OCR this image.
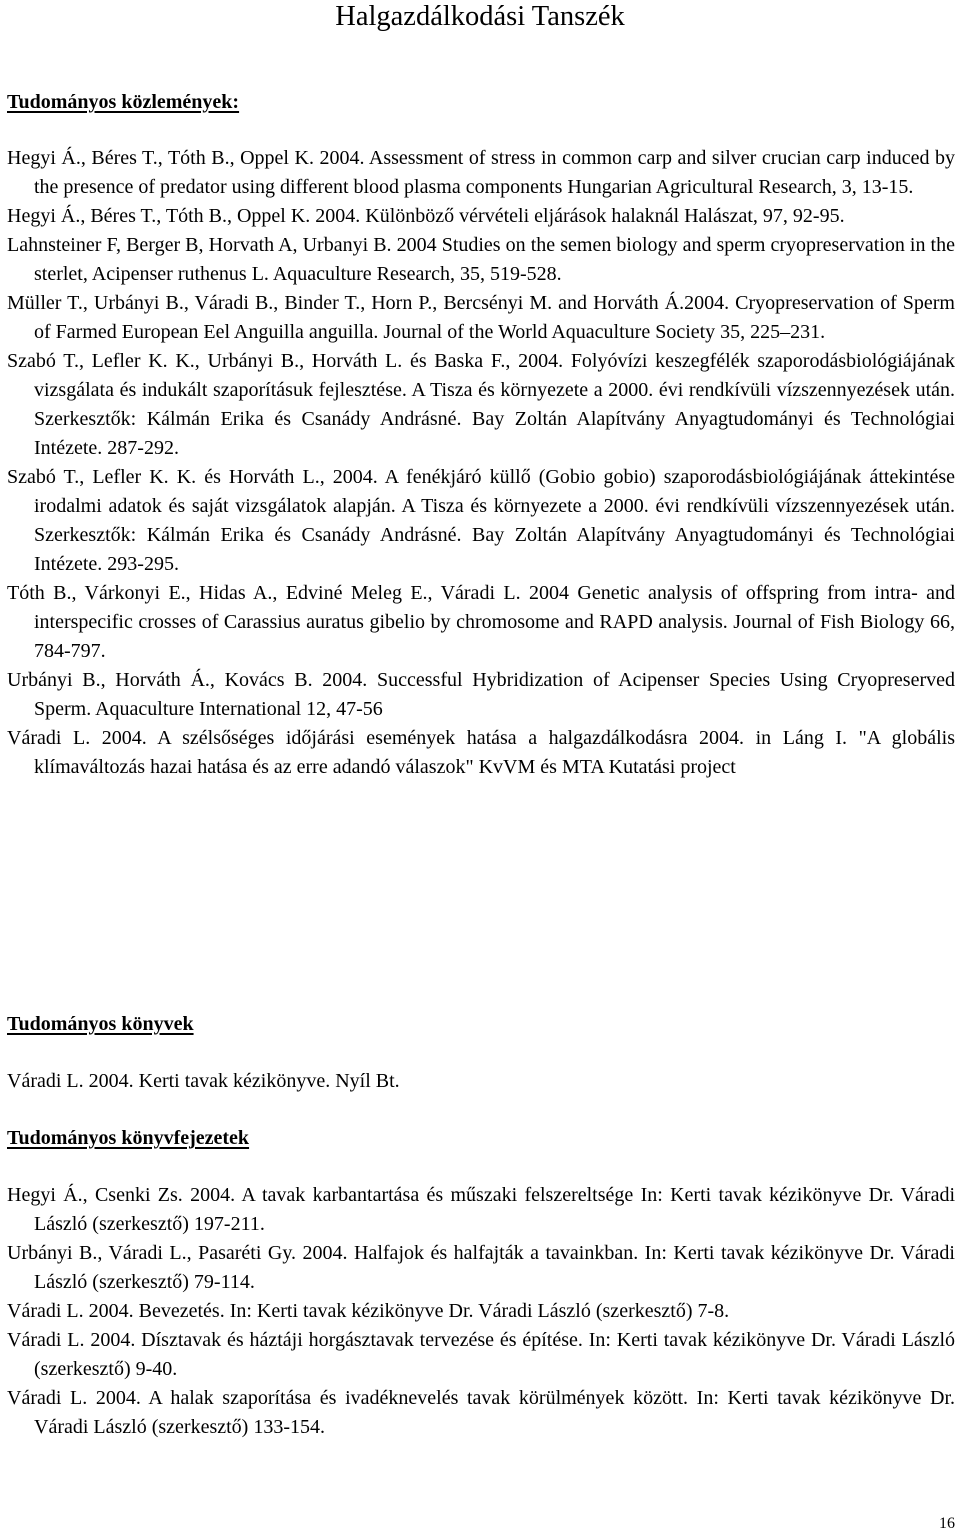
Halgazdálkodási Tanszék
Tudományos közlemények:

Hegyi Á., Béres T., Tóth B., Oppel K. 2004. Assessment of stress in common carp and silver crucian carp induced by the presence of predator using different blood plasma components Hungarian Agricultural Research, 3, 13-15.

Hegyi Á., Béres T., Tóth B., Oppel K. 2004. Különböző vérvételi eljárások halaknál Halászat, 97, 92-95.

Lahnsteiner F, Berger B, Horvath A, Urbanyi B. 2004 Studies on the semen biology and sperm cryopreservation in the sterlet, Acipenser ruthenus L. Aquaculture Research, 35, 519-528.

Müller T., Urbányi B., Váradi B., Binder T., Horn P., Bercsényi M. and Horváth Á.2004. Cryopreservation of Sperm of Farmed European Eel Anguilla anguilla. Journal of the World Aquaculture Society 35, 225–231.

Szabó T., Lefler K. K., Urbányi B., Horváth L. és Baska F., 2004. Folyóvízi keszegfélék szaporodásbiológiájának vizsgálata és indukált szaporításuk fejlesztése. A Tisza és környezete a 2000. évi rendkívüli vízszennyezések után. Szerkesztők: Kálmán Erika és Csanády Andrásné. Bay Zoltán Alapítvány Anyagtudományi és Technológiai Intézete. 287-292.

Szabó T., Lefler K. K. és Horváth L., 2004. A fenékjáró küllő (Gobio gobio) szaporodásbiológiájának áttekintése irodalmi adatok és saját vizsgálatok alapján. A Tisza és környezete a 2000. évi rendkívüli vízszennyezések után. Szerkesztők: Kálmán Erika és Csanády Andrásné. Bay Zoltán Alapítvány Anyagtudományi és Technológiai Intézete. 293-295.

Tóth B., Várkonyi E., Hidas A., Edviné Meleg E., Váradi L. 2004 Genetic analysis of offspring from intra- and interspecific crosses of Carassius auratus gibelio by chromosome and RAPD analysis. Journal of Fish Biology 66, 784-797.

Urbányi B., Horváth Á., Kovács B. 2004. Successful Hybridization of Acipenser Species Using Cryopreserved Sperm. Aquaculture International 12, 47-56

Váradi L. 2004. A szélsőséges időjárási események hatása a halgazdálkodásra 2004. in Láng I. "A globális klímaváltozás hazai hatása és az erre adandó válaszok" KvVM és MTA Kutatási project

Tudományos könyvek

Váradi L. 2004. Kerti tavak kézikönyve. Nyíl Bt.

Tudományos könyvfejezetek

Hegyi Á., Csenki Zs. 2004. A tavak karbantartása és műszaki felszereltsége In: Kerti tavak kézikönyve Dr. Váradi László (szerkesztő) 197-211.

Urbányi B., Váradi L., Pasaréti Gy. 2004. Halfajok és halfajták a tavainkban. In: Kerti tavak kézikönyve Dr. Váradi László (szerkesztő) 79-114.

Váradi L. 2004. Bevezetés. In: Kerti tavak kézikönyve Dr. Váradi László (szerkesztő) 7-8.

Váradi L. 2004. Dísztavak és háztáji horgásztavak tervezése és építése. In: Kerti tavak kézikönyve Dr. Váradi László (szerkesztő) 9-40.

Váradi L. 2004. A halak szaporítása és ivadéknevelés tavak körülmények között. In: Kerti tavak kézikönyve Dr. Váradi László (szerkesztő) 133-154.

16
